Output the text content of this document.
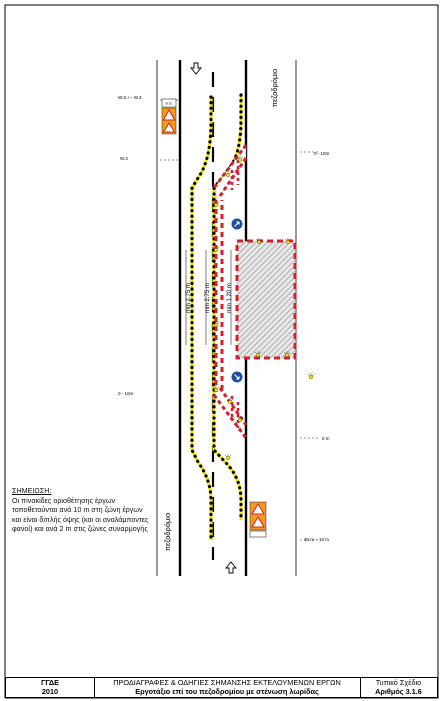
πεζοδρόμιο
πεζοδρόμιο
W.S.I – W.3
W.3
0 - 10m
0 - 10m
0 m
30 m – 10 m
min 2.75 m min 2.75 m	min 1.20 m
S.S.
ΣΗΜΕΙΩΣΗ:
Οι πινακίδες οριοθέτησης έργων τοποθετούνται ανά 10 m στη ζώνη έργων και είναι διπλής όψης (και οι αναλάμποντες φανοί) και ανά 2 m στις ζώνες συναρμογής
ΓΓΔΕ
2010
ΠΡΟΔΙΑΓΡΑΦΕΣ & ΟΔΗΓΙΕΣ ΣΗΜΑΝΣΗΣ ΕΚΤΕΛΟΥΜΕΝΩΝ ΕΡΓΩΝ
Εργοτάξιο επί του πεζοδρομίου με στένωση λωρίδας
Τυπικό Σχέδιο
Αριθμός 3.1.6
